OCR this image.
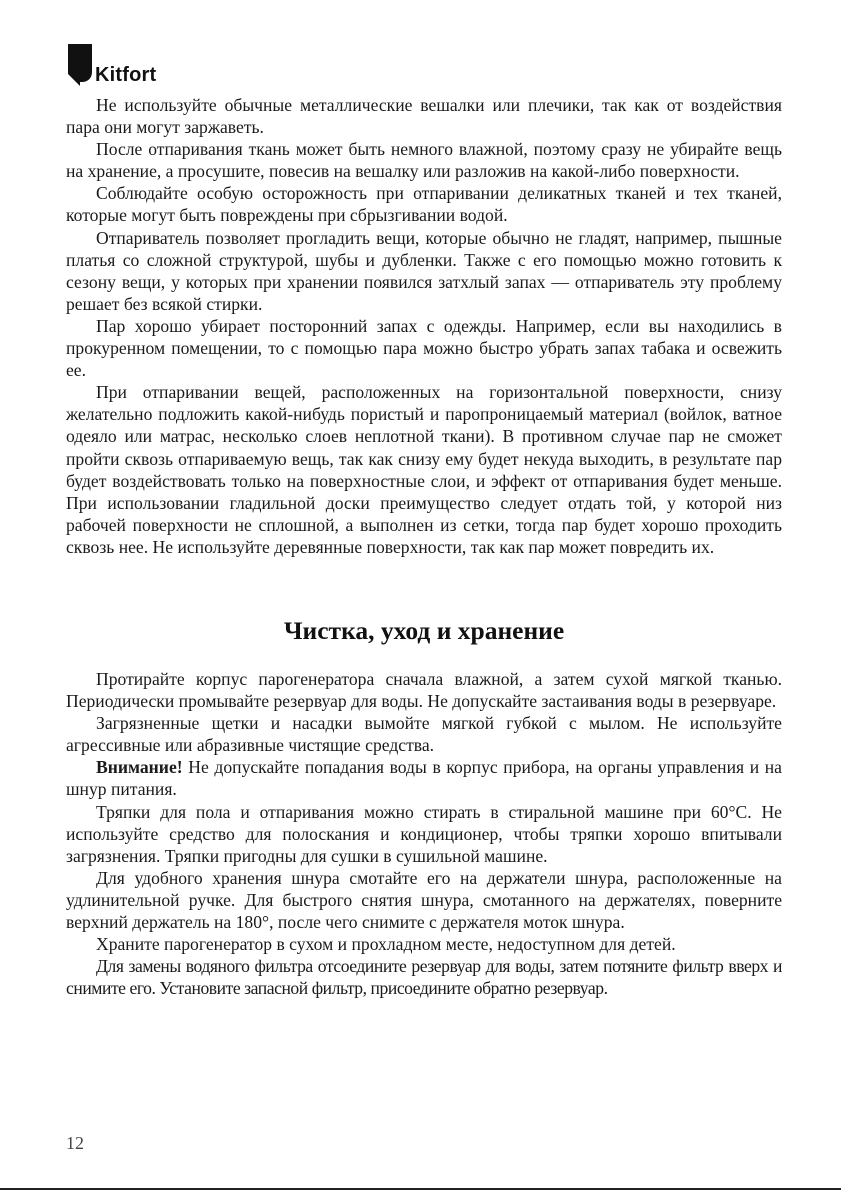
Kitfort

Не используйте обычные металлические вешалки или плечики, так как от воздействия пара они могут заржаветь.

После отпаривания ткань может быть немного влажной, поэтому сразу не убирайте вещь на хранение, а просушите, повесив на вешалку или разложив на какой-либо поверхности.

Соблюдайте особую осторожность при отпаривании деликатных тканей и тех тканей, которые могут быть повреждены при сбрызгивании водой.

Отпариватель позволяет прогладить вещи, которые обычно не гладят, например, пышные платья со сложной структурой, шубы и дубленки. Также с его помощью можно готовить к сезону вещи, у которых при хранении появился затхлый запах — отпариватель эту проблему решает без всякой стирки.

Пар хорошо убирает посторонний запах с одежды. Например, если вы находились в прокуренном помещении, то с помощью пара можно быстро убрать запах табака и освежить ее.

При отпаривании вещей, расположенных на горизонтальной поверхности, снизу желательно подложить какой-нибудь пористый и паропроницаемый материал (войлок, ватное одеяло или матрас, несколько слоев неплотной ткани). В противном случае пар не сможет пройти сквозь отпариваемую вещь, так как снизу ему будет некуда выходить, в результате пар будет воздействовать только на поверхностные слои, и эффект от отпаривания будет меньше. При использовании гладильной доски преимущество следует отдать той, у которой низ рабочей поверхности не сплошной, а выполнен из сетки, тогда пар будет хорошо проходить сквозь нее. Не используйте деревянные поверхности, так как пар может повредить их.

Чистка, уход и хранение

Протирайте корпус парогенератора сначала влажной, а затем сухой мягкой тканью. Периодически промывайте резервуар для воды. Не допускайте застаивания воды в резервуаре.

Загрязненные щетки и насадки вымойте мягкой губкой с мылом. Не используйте агрессивные или абразивные чистящие средства.

Внимание! Не допускайте попадания воды в корпус прибора, на органы управления и на шнур питания.

Тряпки для пола и отпаривания можно стирать в стиральной машине при 60°C. Не используйте средство для полоскания и кондиционер, чтобы тряпки хорошо впитывали загрязнения. Тряпки пригодны для сушки в сушильной машине.

Для удобного хранения шнура смотайте его на держатели шнура, расположенные на удлинительной ручке. Для быстрого снятия шнура, смотанного на держателях, поверните верхний держатель на 180°, после чего снимите с держателя моток шнура.

Храните парогенератор в сухом и прохладном месте, недоступном для детей.

Для замены водяного фильтра отсоедините резервуар для воды, затем потяните фильтр вверх и снимите его. Установите запасной фильтр, присоедините обратно резервуар.

12
